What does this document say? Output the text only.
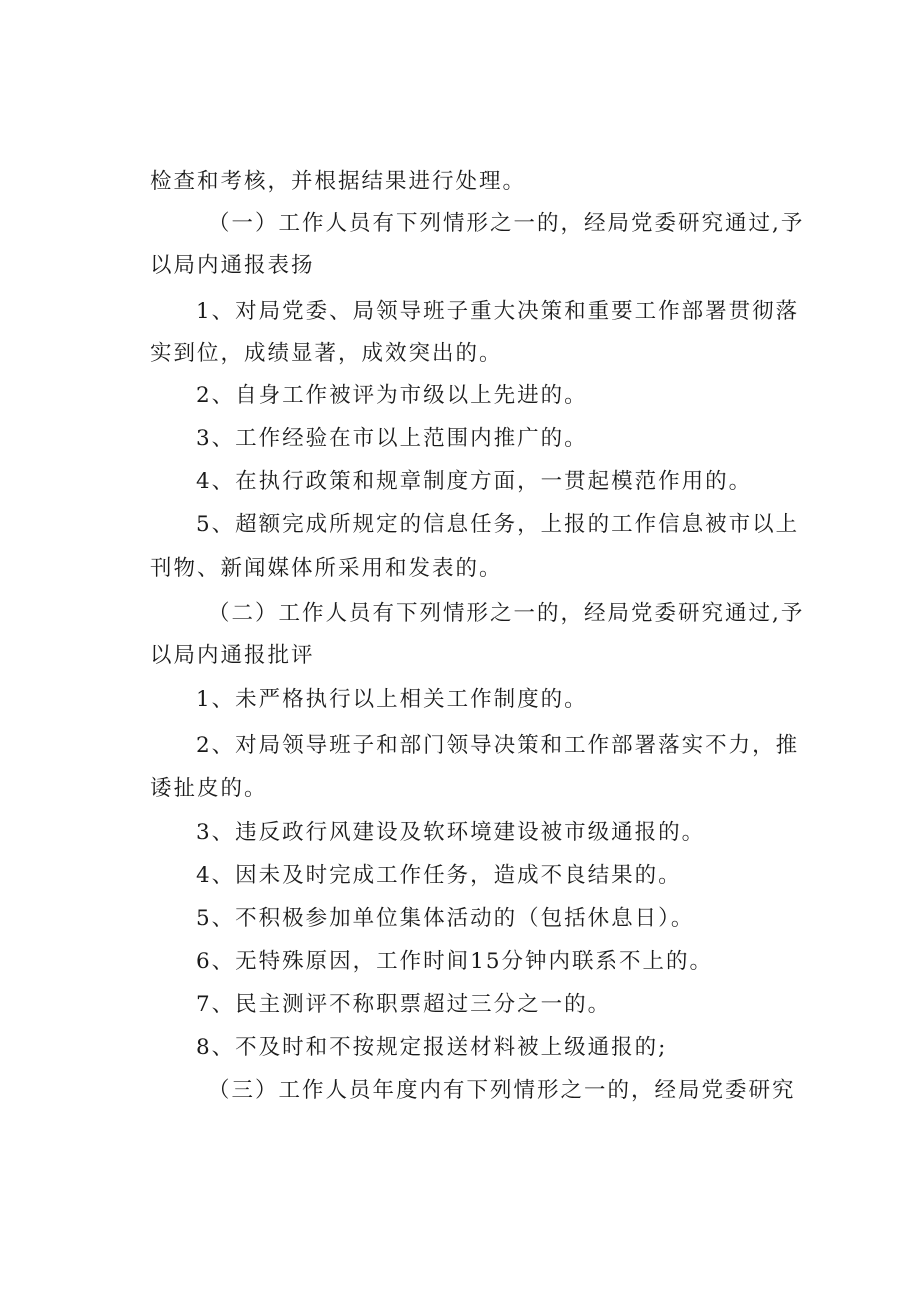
检查和考核，并根据结果进行处理。
（一）工作人员有下列情形之一的，经局党委研究通过,予
以局内通报表扬
1、对局党委、局领导班子重大决策和重要工作部署贯彻落
实到位，成绩显著，成效突出的。
2、自身工作被评为市级以上先进的。
3、工作经验在市以上范围内推广的。
4、在执行政策和规章制度方面，一贯起模范作用的。
5、超额完成所规定的信息任务，上报的工作信息被市以上
刊物、新闻媒体所采用和发表的。
（二）工作人员有下列情形之一的，经局党委研究通过,予
以局内通报批评
1、未严格执行以上相关工作制度的。
2、对局领导班子和部门领导决策和工作部署落实不力，推
诿扯皮的。
3、违反政行风建设及软环境建设被市级通报的。
4、因未及时完成工作任务，造成不良结果的。
5、不积极参加单位集体活动的（包括休息日）。
6、无特殊原因，工作时间15分钟内联系不上的。
7、民主测评不称职票超过三分之一的。
8、不及时和不按规定报送材料被上级通报的;
（三）工作人员年度内有下列情形之一的，经局党委研究
